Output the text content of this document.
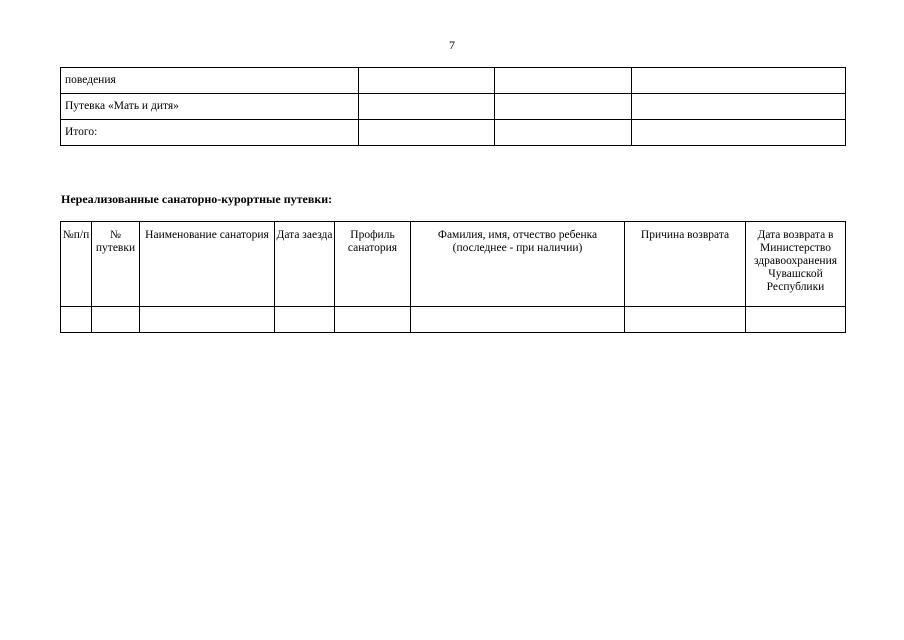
7
поведения			
Путевка «Мать и дитя»			
Итого:			
Нереализованные санаторно-курортные путевки:
№п/п	№ путевки	Наименование санатория	Дата заезда	Профиль санатория	Фамилия, имя, отчество ребенка (последнее - при наличии)	Причина возврата	Дата возврата в Министерство здравоохранения Чувашской Республики
